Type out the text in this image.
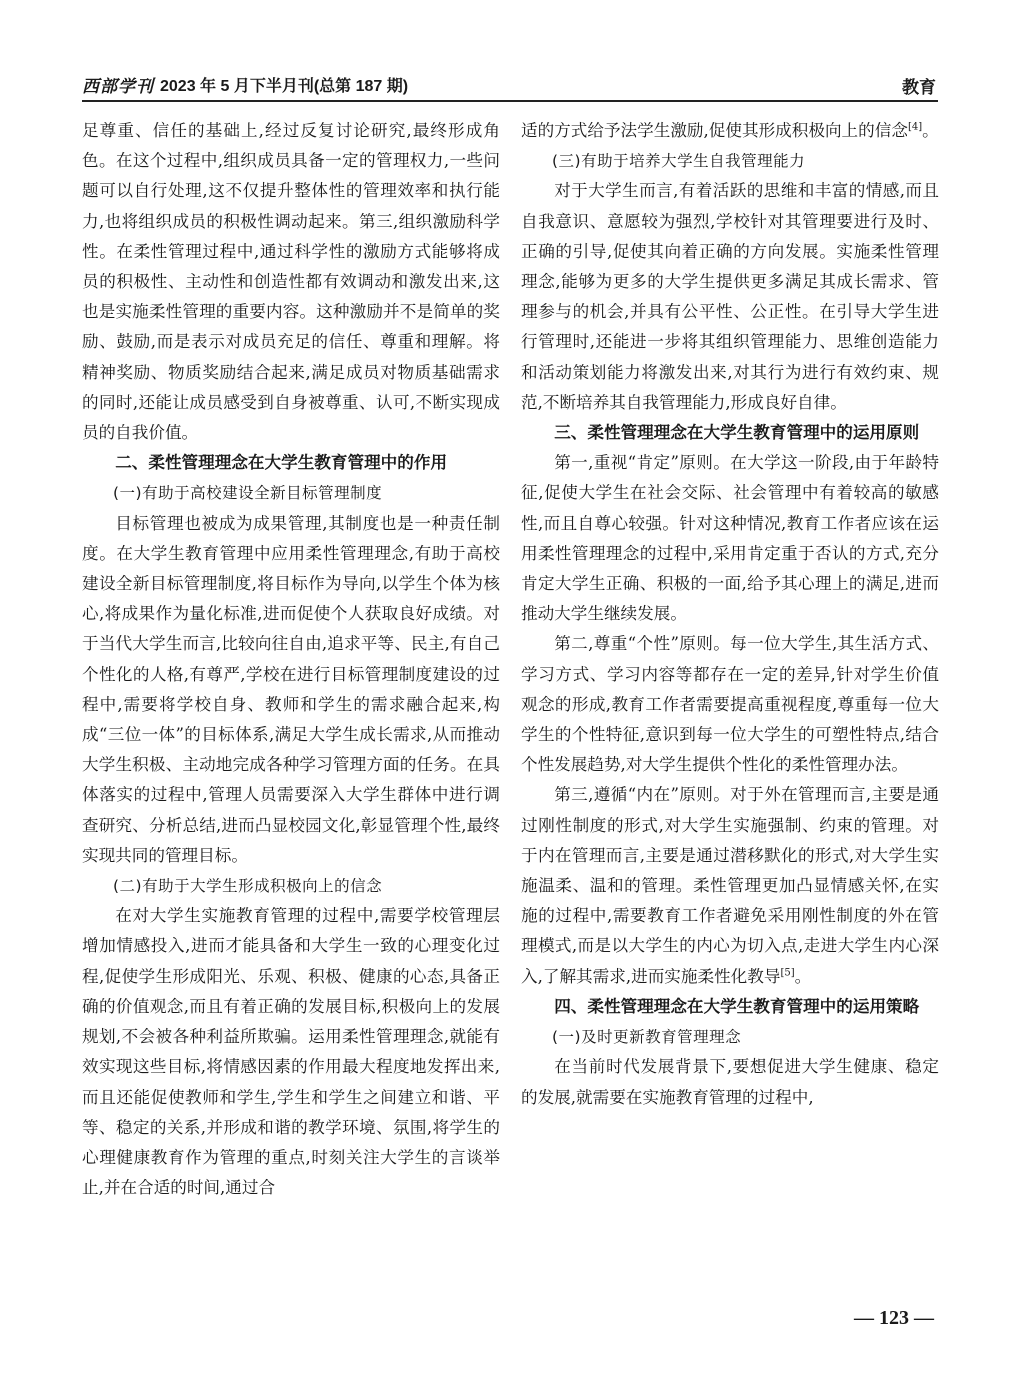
西部学刊 2023 年 5 月下半月刊(总第 187 期)	教育

足尊重、信任的基础上,经过反复讨论研究,最终形成角色。在这个过程中,组织成员具备一定的管理权力,一些问题可以自行处理,这不仅提升整体性的管理效率和执行能力,也将组织成员的积极性调动起来。第三,组织激励科学性。在柔性管理过程中,通过科学性的激励方式能够将成员的积极性、主动性和创造性都有效调动和激发出来,这也是实施柔性管理的重要内容。这种激励并不是简单的奖励、鼓励,而是表示对成员充足的信任、尊重和理解。将精神奖励、物质奖励结合起来,满足成员对物质基础需求的同时,还能让成员感受到自身被尊重、认可,不断实现成员的自我价值。

二、柔性管理理念在大学生教育管理中的作用
(一)有助于高校建设全新目标管理制度

目标管理也被成为成果管理,其制度也是一种责任制度。在大学生教育管理中应用柔性管理理念,有助于高校建设全新目标管理制度,将目标作为导向,以学生个体为核心,将成果作为量化标准,进而促使个人获取良好成绩。对于当代大学生而言,比较向往自由,追求平等、民主,有自己个性化的人格,有尊严,学校在进行目标管理制度建设的过程中,需要将学校自身、教师和学生的需求融合起来,构成“三位一体”的目标体系,满足大学生成长需求,从而推动大学生积极、主动地完成各种学习管理方面的任务。在具体落实的过程中,管理人员需要深入大学生群体中进行调查研究、分析总结,进而凸显校园文化,彰显管理个性,最终实现共同的管理目标。

(二)有助于大学生形成积极向上的信念

在对大学生实施教育管理的过程中,需要学校管理层增加情感投入,进而才能具备和大学生一致的心理变化过程,促使学生形成阳光、乐观、积极、健康的心态,具备正确的价值观念,而且有着正确的发展目标,积极向上的发展规划,不会被各种利益所欺骗。运用柔性管理理念,就能有效实现这些目标,将情感因素的作用最大程度地发挥出来,而且还能促使教师和学生,学生和学生之间建立和谐、平等、稳定的关系,并形成和谐的教学环境、氛围,将学生的心理健康教育作为管理的重点,时刻关注大学生的言谈举止,并在合适的时间,通过合

适的方式给予法学生激励,促使其形成积极向上的信念[4]。

(三)有助于培养大学生自我管理能力

对于大学生而言,有着活跃的思维和丰富的情感,而且自我意识、意愿较为强烈,学校针对其管理要进行及时、正确的引导,促使其向着正确的方向发展。实施柔性管理理念,能够为更多的大学生提供更多满足其成长需求、管理参与的机会,并具有公平性、公正性。在引导大学生进行管理时,还能进一步将其组织管理能力、思维创造能力和活动策划能力将激发出来,对其行为进行有效约束、规范,不断培养其自我管理能力,形成良好自律。

三、柔性管理理念在大学生教育管理中的运用原则

第一,重视“肯定”原则。在大学这一阶段,由于年龄特征,促使大学生在社会交际、社会管理中有着较高的敏感性,而且自尊心较强。针对这种情况,教育工作者应该在运用柔性管理理念的过程中,采用肯定重于否认的方式,充分肯定大学生正确、积极的一面,给予其心理上的满足,进而推动大学生继续发展。

第二,尊重“个性”原则。每一位大学生,其生活方式、学习方式、学习内容等都存在一定的差异,针对学生价值观念的形成,教育工作者需要提高重视程度,尊重每一位大学生的个性特征,意识到每一位大学生的可塑性特点,结合个性发展趋势,对大学生提供个性化的柔性管理办法。

第三,遵循“内在”原则。对于外在管理而言,主要是通过刚性制度的形式,对大学生实施强制、约束的管理。对于内在管理而言,主要是通过潜移默化的形式,对大学生实施温柔、温和的管理。柔性管理更加凸显情感关怀,在实施的过程中,需要教育工作者避免采用刚性制度的外在管理模式,而是以大学生的内心为切入点,走进大学生内心深入,了解其需求,进而实施柔性化教导[5]。

四、柔性管理理念在大学生教育管理中的运用策略
(一)及时更新教育管理理念

在当前时代发展背景下,要想促进大学生健康、稳定的发展,就需要在实施教育管理的过程中,

— 123 —
